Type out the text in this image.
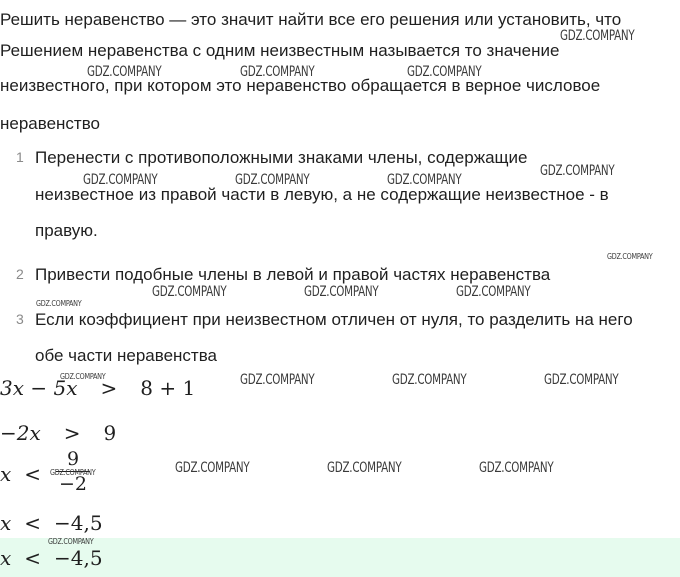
Решить неравенство — это значит найти все его решения или установить, что
Решением неравенства с одним неизвестным называется то значение
неизвестного, при котором это неравенство обращается в верное числовое
неравенство
1 Перенести с противоположными знаками члены, содержащие
неизвестное из правой части в левую, а не содержащие неизвестное - в
правую.
2 Привести подобные члены в левой и правой частях неравенства
3 Если коэффициент при неизвестном отличен от нуля, то разделить на него
обе части неравенства
3x − 5x > 8 + 1
−2x > 9
x <
9
−2
x < −4,5
x < −4,5
GDZ.COMPANY
GDZ.COMPANY	GDZ.COMPANY	GDZ.COMPANY
GDZ.COMPANY
GDZ.COMPANY	GDZ.COMPANY	GDZ.COMPANY
GDZ.COMPANY
GDZ.COMPANY	GDZ.COMPANY	GDZ.COMPANY
GDZ.COMPANY
GDZ.COMPANY	GDZ.COMPANY	GDZ.COMPANY	GDZ.COMPANY
GDZ.COMPANY	GDZ.COMPANY	GDZ.COMPANY	GDZ.COMPANY
GDZ.COMPANY
